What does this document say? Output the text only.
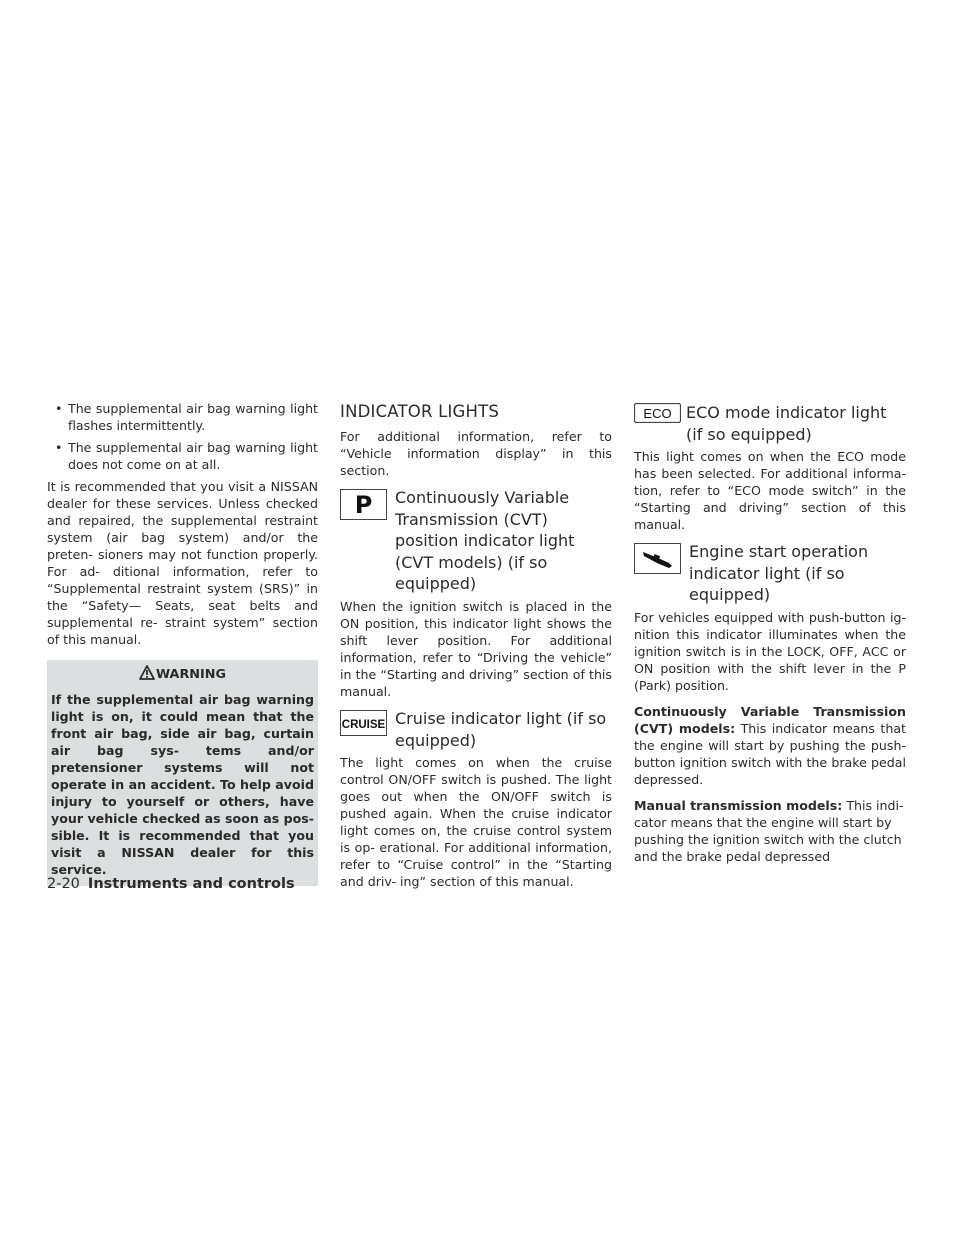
• The supplemental air bag warning light flashes intermittently.

• The supplemental air bag warning light does not come on at all.

It is recommended that you visit a NISSAN dealer for these services. Unless checked and repaired, the supplemental restraint system (air bag system) and/or the preten- sioners may not function properly. For ad- ditional information, refer to “Supplemental restraint system (SRS)” in the “Safety— Seats, seat belts and supplemental re- straint system” section of this manual.

WARNING

If the supplemental air bag warning light is on, it could mean that the front air bag, side air bag, curtain air bag sys- tems and/or pretensioner systems will not operate in an accident. To help avoid injury to yourself or others, have your vehicle checked as soon as pos- sible. It is recommended that you visit a NISSAN dealer for this service.

INDICATOR LIGHTS

For additional information, refer to “Vehicle information display” in this section.

P Continuously Variable Transmission (CVT) position indicator light (CVT models) (if so equipped)

When the ignition switch is placed in the ON position, this indicator light shows the shift lever position. For additional information, refer to “Driving the vehicle” in the “Starting and driving” section of this manual.

CRUISE Cruise indicator light (if so equipped)

The light comes on when the cruise control ON/OFF switch is pushed. The light goes out when the ON/OFF switch is pushed again. When the cruise indicator light comes on, the cruise control system is op- erational. For additional information, refer to “Cruise control” in the “Starting and driv- ing” section of this manual.

ECO ECO mode indicator light (if so equipped)

This light comes on when the ECO mode has been selected. For additional informa- tion, refer to “ECO mode switch” in the “Starting and driving” section of this manual.

Engine start operation indicator light (if so equipped)

For vehicles equipped with push-button ig- nition this indicator illuminates when the ignition switch is in the LOCK, OFF, ACC or ON position with the shift lever in the P (Park) position.

Continuously Variable Transmission (CVT) models: This indicator means that the engine will start by pushing the push- button ignition switch with the brake pedal depressed.

Manual transmission models: This indi- cator means that the engine will start by pushing the ignition switch with the clutch and the brake pedal depressed

2-20 Instruments and controls
